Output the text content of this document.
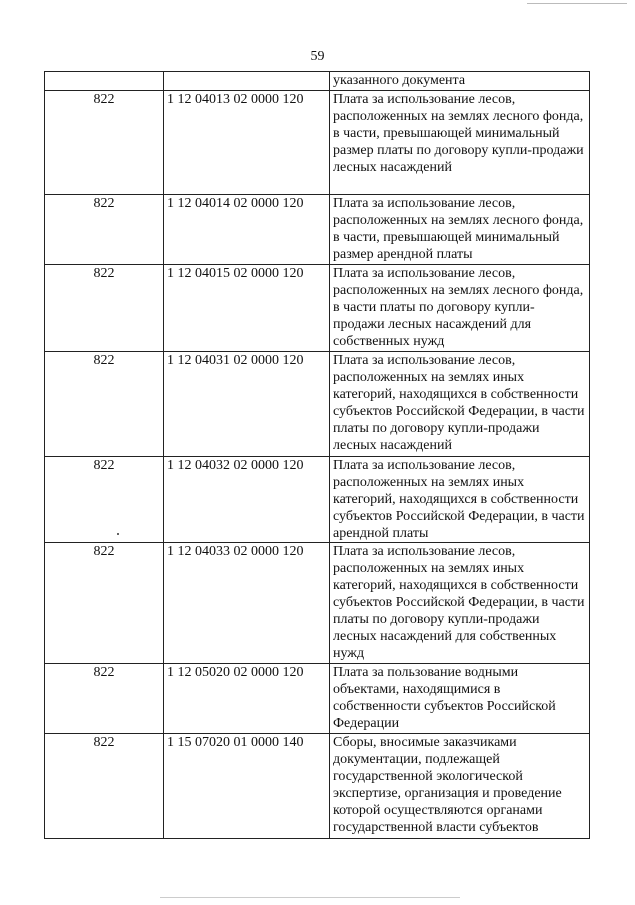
59
		указанного документа
822	1 12 04013 02 0000 120	Плата за использование лесов, расположенных на землях лесного фонда, в части, превышающей минимальный размер платы по договору купли-продажи лесных насаждений
822	1 12 04014 02 0000 120	Плата за использование лесов, расположенных на землях лесного фонда, в части, превышающей минимальный размер арендной платы
822	1 12 04015 02 0000 120	Плата за использование лесов, расположенных на землях лесного фонда, в части платы по договору купли-продажи лесных насаждений для собственных нужд
822	1 12 04031 02 0000 120	Плата за использование лесов, расположенных на землях иных категорий, находящихся в собственности субъектов Российской Федерации, в части платы по договору купли-продажи лесных насаждений
822	1 12 04032 02 0000 120	Плата за использование лесов, расположенных на землях иных категорий, находящихся в собственности субъектов Российской Федерации, в части арендной платы
822	1 12 04033 02 0000 120	Плата за использование лесов, расположенных на землях иных категорий, находящихся в собственности субъектов Российской Федерации, в части платы по договору купли-продажи лесных насаждений для собственных нужд
822	1 12 05020 02 0000 120	Плата за пользование водными объектами, находящимися в собственности субъектов Российской Федерации
822	1 15 07020 01 0000 140	Сборы, вносимые заказчиками документации, подлежащей государственной экологической экспертизе, организация и проведение которой осуществляются органами государственной власти субъектов
